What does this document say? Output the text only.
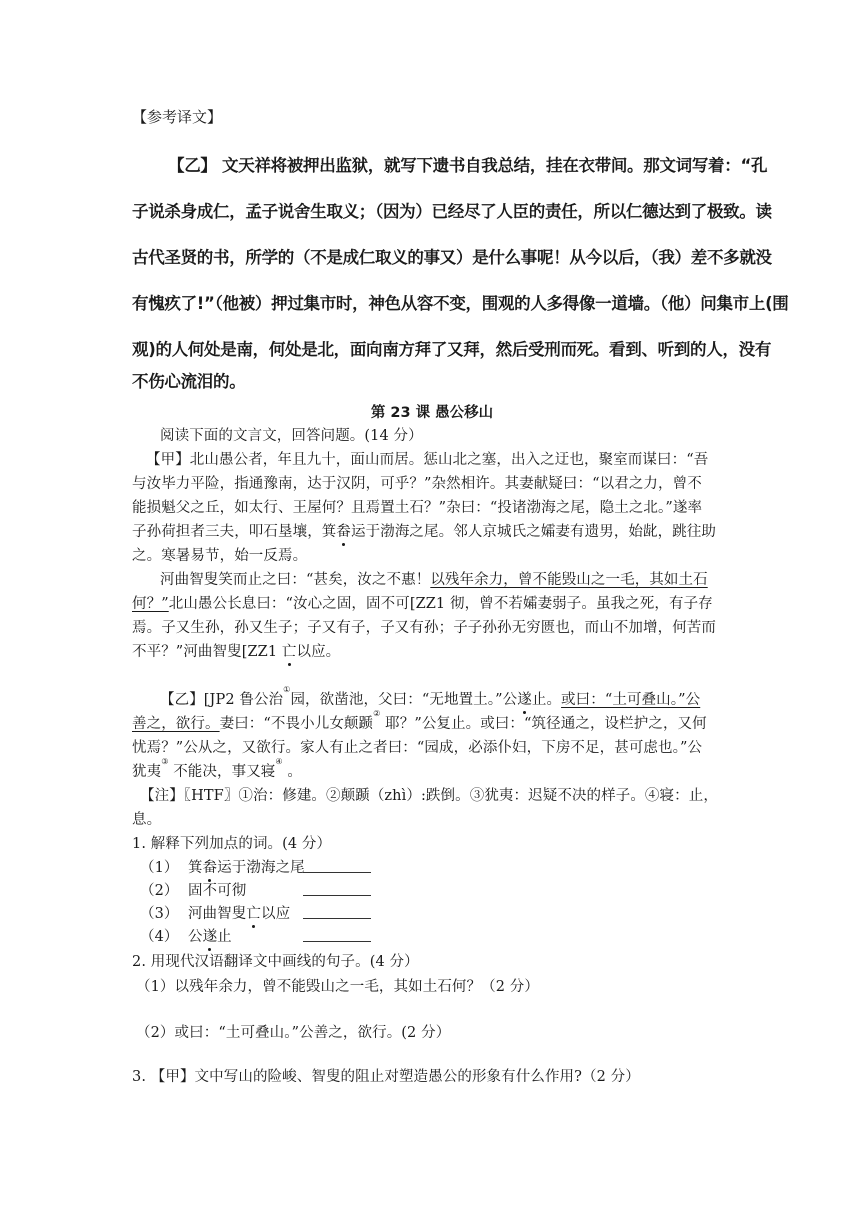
【参考译文】
【乙】 文天祥将被押出监狱，就写下遗书自我总结，挂在衣带间。那文词写着：“孔
子说杀身成仁，孟子说舍生取义；（因为）已经尽了人臣的责任，所以仁德达到了极致。读
古代圣贤的书，所学的（不是成仁取义的事又）是什么事呢！从今以后，（我）差不多就没
有愧疚了!”（他被）押过集市时，神色从容不变，围观的人多得像一道墙。（他）问集市上(围
观)的人何处是南，何处是北，面向南方拜了又拜，然后受刑而死。看到、听到的人，没有
不伤心流泪的。
第 23 课 愚公移山
阅读下面的文言文，回答问题。(14 分）
【甲】北山愚公者，年且九十，面山而居。惩山北之塞，出入之迂也，聚室而谋曰：“吾
与汝毕力平险，指通豫南，达于汉阴，可乎？”杂然相许。其妻献疑曰：“以君之力，曾不
能损魁父之丘，如太行、王屋何？且焉置土石？”杂曰：“投诸渤海之尾，隐土之北。”遂率
子孙荷担者三夫，叩石垦壤，箕畚运于渤海之尾。邻人京城氏之孀妻有遗男，始龀，跳往助
之。寒暑易节，始一反焉。
河曲智叟笑而止之曰：“甚矣，汝之不惠！以残年余力，曾不能毁山之一毛，其如土石
何？”北山愚公长息曰：“汝心之固，固不可[ZZ1 彻，曾不若孀妻弱子。虽我之死，有子存
焉。子又生孙，孙又生子；子又有子，子又有孙；子子孙孙无穷匮也，而山不加增，何苦而
不平？”河曲智叟[ZZ1 亡以应。
【乙】[JP2 鲁公治①园，欲凿池，父曰：“无地置土。”公遂止。或曰：“土可叠山。”公
善之，欲行。妻曰：“不畏小儿女颠踬② 耶？”公复止。或曰：“筑径通之，设栏护之，又何
忧焉？”公从之，又欲行。家人有止之者曰：“园成，必添仆妇，下房不足，甚可虑也。”公
犹夷③ 不能决，事又寝④ 。
【注】〖HTF〗①治：修建。②颠踬（zhì）:跌倒。③犹夷：迟疑不决的样子。④寝：止，
息。
1. 解释下列加点的词。(4 分）
（1） 箕畚运于渤海之尾
（2） 固不可彻
（3） 河曲智叟亡以应
（4） 公遂止
2. 用现代汉语翻译文中画线的句子。(4 分）
（1）以残年余力，曾不能毁山之一毛，其如土石何？（2 分）
（2）或曰：“土可叠山。”公善之，欲行。(2 分）
3. 【甲】文中写山的险峻、智叟的阻止对塑造愚公的形象有什么作用?（2 分）
